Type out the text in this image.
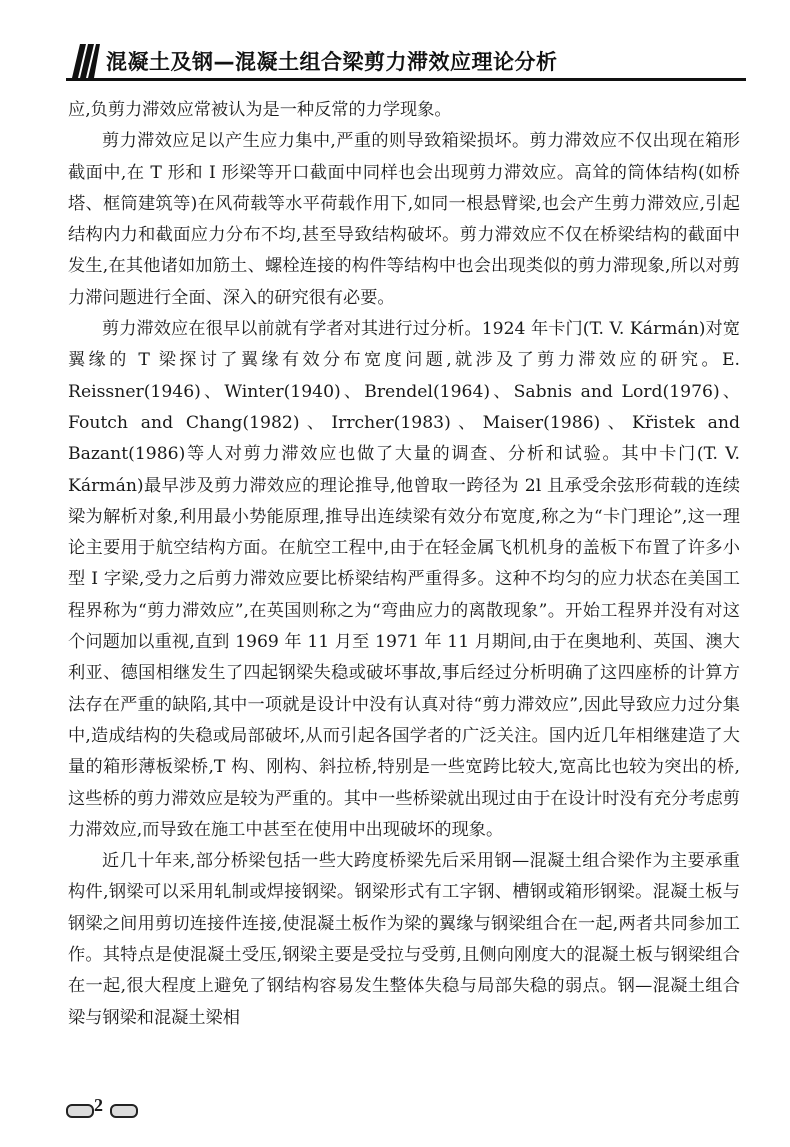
混凝土及钢—混凝土组合梁剪力滞效应理论分析

应,负剪力滞效应常被认为是一种反常的力学现象。

剪力滞效应足以产生应力集中,严重的则导致箱梁损坏。剪力滞效应不仅出现在箱形截面中,在 T 形和 I 形梁等开口截面中同样也会出现剪力滞效应。高耸的筒体结构(如桥塔、框筒建筑等)在风荷载等水平荷载作用下,如同一根悬臂梁,也会产生剪力滞效应,引起结构内力和截面应力分布不均,甚至导致结构破坏。剪力滞效应不仅在桥梁结构的截面中发生,在其他诸如加筋土、螺栓连接的构件等结构中也会出现类似的剪力滞现象,所以对剪力滞问题进行全面、深入的研究很有必要。

剪力滞效应在很早以前就有学者对其进行过分析。1924 年卡门(T. V. Kármán)对宽翼缘的 T 梁探讨了翼缘有效分布宽度问题,就涉及了剪力滞效应的研究。E. Reissner(1946)、Winter(1940)、Brendel(1964)、Sabnis and Lord(1976)、Foutch and Chang(1982)、Irrcher(1983)、Maiser(1986)、Kr̆istek and Bazant(1986)等人对剪力滞效应也做了大量的调查、分析和试验。其中卡门(T. V. Kármán)最早涉及剪力滞效应的理论推导,他曾取一跨径为 2l 且承受余弦形荷载的连续梁为解析对象,利用最小势能原理,推导出连续梁有效分布宽度,称之为“卡门理论”,这一理论主要用于航空结构方面。在航空工程中,由于在轻金属飞机机身的盖板下布置了许多小型 I 字梁,受力之后剪力滞效应要比桥梁结构严重得多。这种不均匀的应力状态在美国工程界称为“剪力滞效应”,在英国则称之为“弯曲应力的离散现象”。开始工程界并没有对这个问题加以重视,直到 1969 年 11 月至 1971 年 11 月期间,由于在奥地利、英国、澳大利亚、德国相继发生了四起钢梁失稳或破坏事故,事后经过分析明确了这四座桥的计算方法存在严重的缺陷,其中一项就是设计中没有认真对待“剪力滞效应”,因此导致应力过分集中,造成结构的失稳或局部破坏,从而引起各国学者的广泛关注。国内近几年相继建造了大量的箱形薄板梁桥,T 构、刚构、斜拉桥,特别是一些宽跨比较大,宽高比也较为突出的桥,这些桥的剪力滞效应是较为严重的。其中一些桥梁就出现过由于在设计时没有充分考虑剪力滞效应,而导致在施工中甚至在使用中出现破坏的现象。

近几十年来,部分桥梁包括一些大跨度桥梁先后采用钢—混凝土组合梁作为主要承重构件,钢梁可以采用轧制或焊接钢梁。钢梁形式有工字钢、槽钢或箱形钢梁。混凝土板与钢梁之间用剪切连接件连接,使混凝土板作为梁的翼缘与钢梁组合在一起,两者共同参加工作。其特点是使混凝土受压,钢梁主要是受拉与受剪,且侧向刚度大的混凝土板与钢梁组合在一起,很大程度上避免了钢结构容易发生整体失稳与局部失稳的弱点。钢—混凝土组合梁与钢梁和混凝土梁相

2
